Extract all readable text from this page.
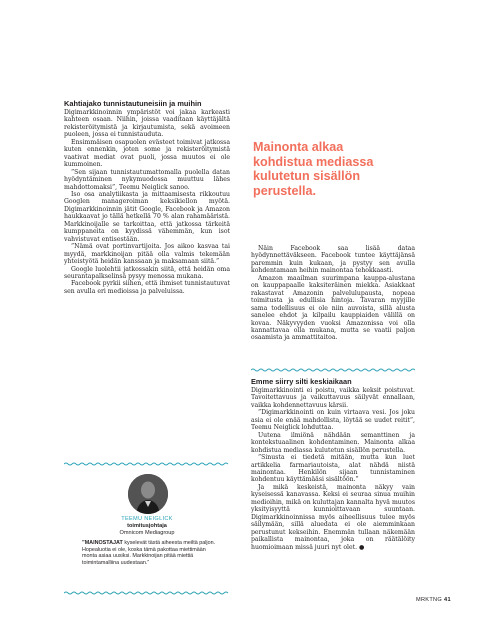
Kahtiajako tunnistautuneisiin ja muihin

Digimarkkinoinnin ympäristöt voi jakaa karkeasti kahteen osaan. Niihin, joissa vaaditaan käyttäjältä rekisteröitymistä ja kirjautumista, sekä avoimeen puoleen, jossa ei tunnistauduta.

Ensimmäisen osapuolen evästeet toimivat jatkossa kuten ennenkin, joten some ja rekisteröitymistä vaativat mediat ovat puoli, jossa muutos ei ole kummoinen.

”Sen sijaan tunnistautumattomalla puolella datan hyödyntäminen nykymuodossa muuttuu lähes mahdottomaksi”, Teemu Neiglick sanoo.

Iso osa analytiikasta ja mittaamisesta rikkoutuu Googlen manageroiman keksikiellon myötä. Digimarkkinoinnin jätit Google, Facebook ja Amazon haukkaavat jo tällä hetkellä 70 % alan rahamääristä. Markkinoijalle se tarkoittaa, että jatkossa tärkeitä kumppaneita on kyydissä vähemmän, kun isot vahvistuvat entisestään.

”Nämä ovat portinvartijoita. Jos aikoo kasvaa tai myydä, markkinoijan pitää olla valmis tekemään yhteistyötä heidän kanssaan ja maksamaan siitä.”

Google luolehtii jatkossakin siitä, että heidän oma seurantapalkselinsä pysyy menossa mukana.

Facebook pyrkii siihen, että ihmiset tunnistautuvat sen avulla eri medioissa ja palveluissa.

Mainonta alkaa kohdistua mediassa kulutetun sisällön perustella.

Näin Facebook saa lisää dataa hyödynnettäväkseen. Facebook tuntee käyttäjänsä paremmin kuin kukaan, ja pystyy sen avulla kohdentamaan heihin mainontaa tehokkaasti.

Amazon maailman suurimpana kauppa-alustana on kauppapaalle kaksiteräinen miekka. Asiakkaat rakastavat Amazonin palvelulupausta, nopeaa toimitusta ja edullisia hintoja. Tavaran myyjille sama todellisuus ei ole niin auvoista, sillä alusta sanelee ehdot ja kilpailu kauppiaiden välillä on kovaa. Näkyvyyden vuoksi Amazonissa voi olla kannattavaa olla mukana, mutta se vaatii paljon osaamista ja ammattitaitoa.

Emme siirry silti keskiaikaan

Digimarkkinointi ei poistu, vaikka keksit poistuvat. Tavoitettavuus ja vaikuttavuus säilyvät ennallaan, vaikka kohdennettavuus kärsii.

”Digimarkkinointi on kuin virtaava vesi. Jos joku asia ei ole enää mahdollista, löytää se uudet reitit”, Teemu Neiglick lohduttaa.

Uutena ilmiönä nähdään semanttinen ja kontekstuaalinen kohdentaminen. Mainonta alkaa kohdistua mediassa kulutetun sisällön perustella.

”Sinusta ei tiedetä mitään, mutta kun luet artikkelia farmariautoista, alat nähdä niistä mainontaa. Henkilön sijaan tunnistaminen kohdentuu käyttämääsi sisältöön.”

Ja mikä keskeistä, mainonta näkyy vain kyseisessä kanavassa. Keksi ei seuraa sinua muihin medioihin, mikä on kuluttajan kannalta hyvä muutos yksityisyyttä kunnioittavaan suuntaan. Digimarkkinoinnissa myös aiheellisuus tulee myös säilymään, sillä aluedata ei ole aiemminkaan perustunut kekseihin. Enemmän tullaan näkemään paikallista mainontaa, joka on räätälöity huomioimaan missä juuri nyt olet. ●

TEEMU NEIGLICK
toimitusjohtaja
Omnicom Mediagroup
”MAINOSTAJAT kyselevät tästä aiheesta meiltä paljon. Hopealuotia ei ole, koska tämä pakottaa miettimään monta asiaa uusiksi. Markkinoijan pitää miettiä toimintamalliina uudestaan.”
MRKTNG 41
